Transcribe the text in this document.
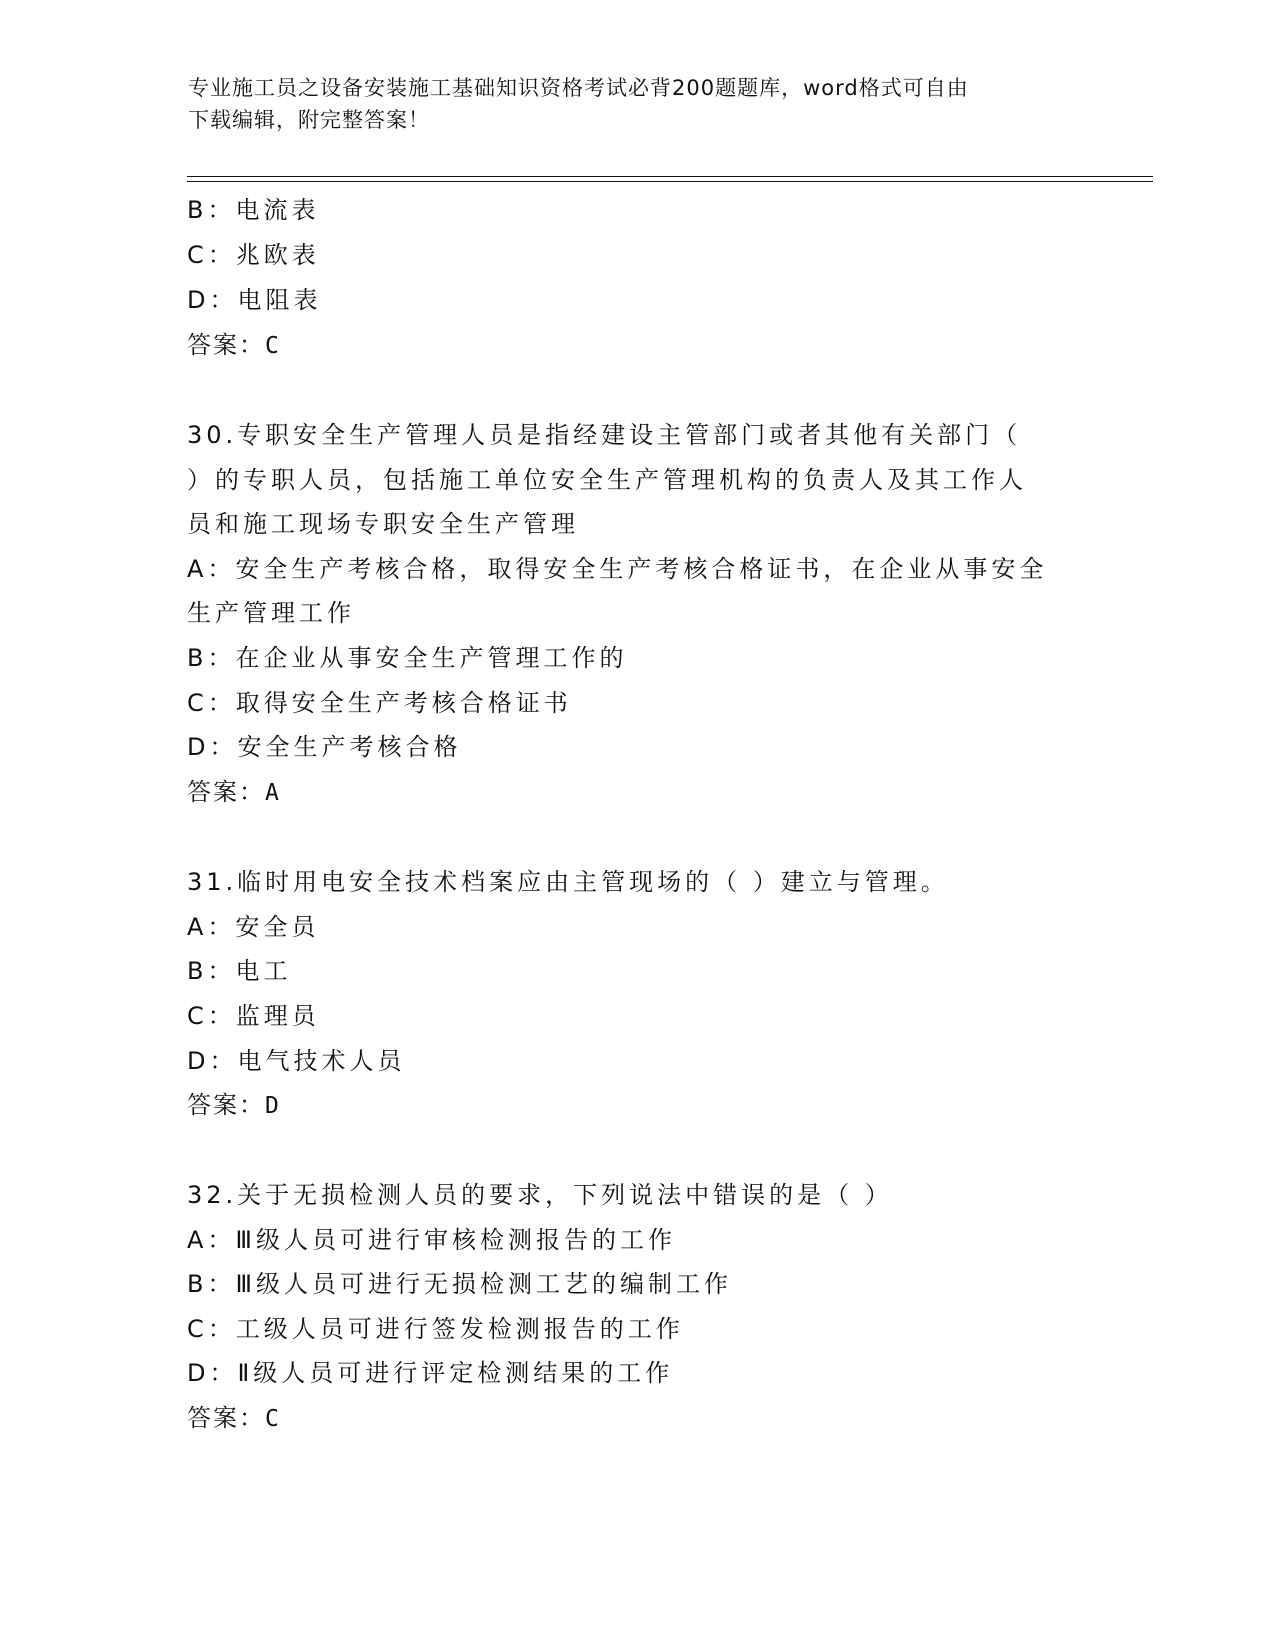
专业施工员之设备安装施工基础知识资格考试必背200题题库，word格式可自由
下载编辑，附完整答案！

B：电流表
C：兆欧表
D：电阻表
答案：C
30.专职安全生产管理人员是指经建设主管部门或者其他有关部门（
）的专职人员，包括施工单位安全生产管理机构的负责人及其工作人
员和施工现场专职安全生产管理
A：安全生产考核合格，取得安全生产考核合格证书，在企业从事安全
生产管理工作
B：在企业从事安全生产管理工作的
C：取得安全生产考核合格证书
D：安全生产考核合格
答案：A
31.临时用电安全技术档案应由主管现场的（ ）建立与管理。
A：安全员
B：电工
C：监理员
D：电气技术人员
答案：D
32.关于无损检测人员的要求，下列说法中错误的是（ ）
A：Ⅲ级人员可进行审核检测报告的工作
B：Ⅲ级人员可进行无损检测工艺的编制工作
C：工级人员可进行签发检测报告的工作
D：Ⅱ级人员可进行评定检测结果的工作
答案：C
